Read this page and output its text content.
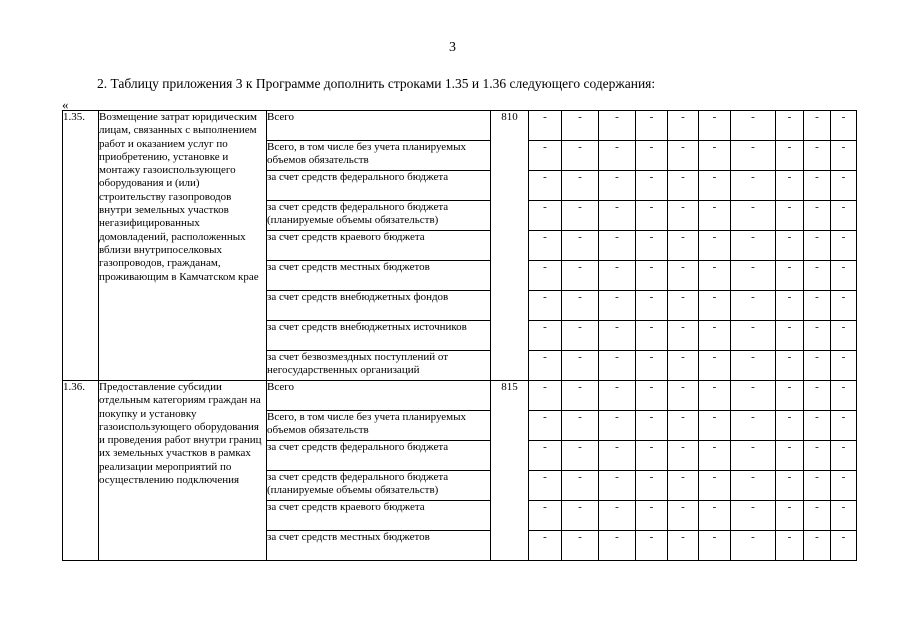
3
2. Таблицу приложения 3 к Программе дополнить строками 1.35 и 1.36 следующего содержания:
«
1.35.	Возмещение затрат юридическим лицам, связанных с выполнением работ и оказанием услуг по приобретению, установке и монтажу газоиспользующего оборудования и (или) строительству газопроводов внутри земельных участков негазифицированных домовладений, расположенных вблизи внутрипоселковых газопроводов, гражданам, проживающим в Камчатском крае	Всего	810	-	-	-	-	-	-	-	-	-	-
		Всего, в том числе без учета планируемых объемов обязательств		-	-	-	-	-	-	-	-	-	-
		за счет средств федерального бюджета		-	-	-	-	-	-	-	-	-	-
		за счет средств федерального бюджета (планируемые объемы обязательств)		-	-	-	-	-	-	-	-	-	-
		за счет средств краевого бюджета		-	-	-	-	-	-	-	-	-	-
		за счет средств местных бюджетов		-	-	-	-	-	-	-	-	-	-
		за счет средств внебюджетных фондов		-	-	-	-	-	-	-	-	-	-
		за счет средств внебюджетных источников		-	-	-	-	-	-	-	-	-	-
		за счет безвозмездных поступлений от негосударственных организаций		-	-	-	-	-	-	-	-	-	-
1.36.	Предоставление субсидии отдельным категориям граждан на покупку и установку газоиспользующего оборудования и проведения работ внутри границ их земельных участков в рамках реализации мероприятий по осуществлению подключения	Всего	815	-	-	-	-	-	-	-	-	-	-
		Всего, в том числе без учета планируемых объемов обязательств		-	-	-	-	-	-	-	-	-	-
		за счет средств федерального бюджета		-	-	-	-	-	-	-	-	-	-
		за счет средств федерального бюджета (планируемые объемы обязательств)		-	-	-	-	-	-	-	-	-	-
		за счет средств краевого бюджета		-	-	-	-	-	-	-	-	-	-
		за счет средств местных бюджетов		-	-	-	-	-	-	-	-	-	-
